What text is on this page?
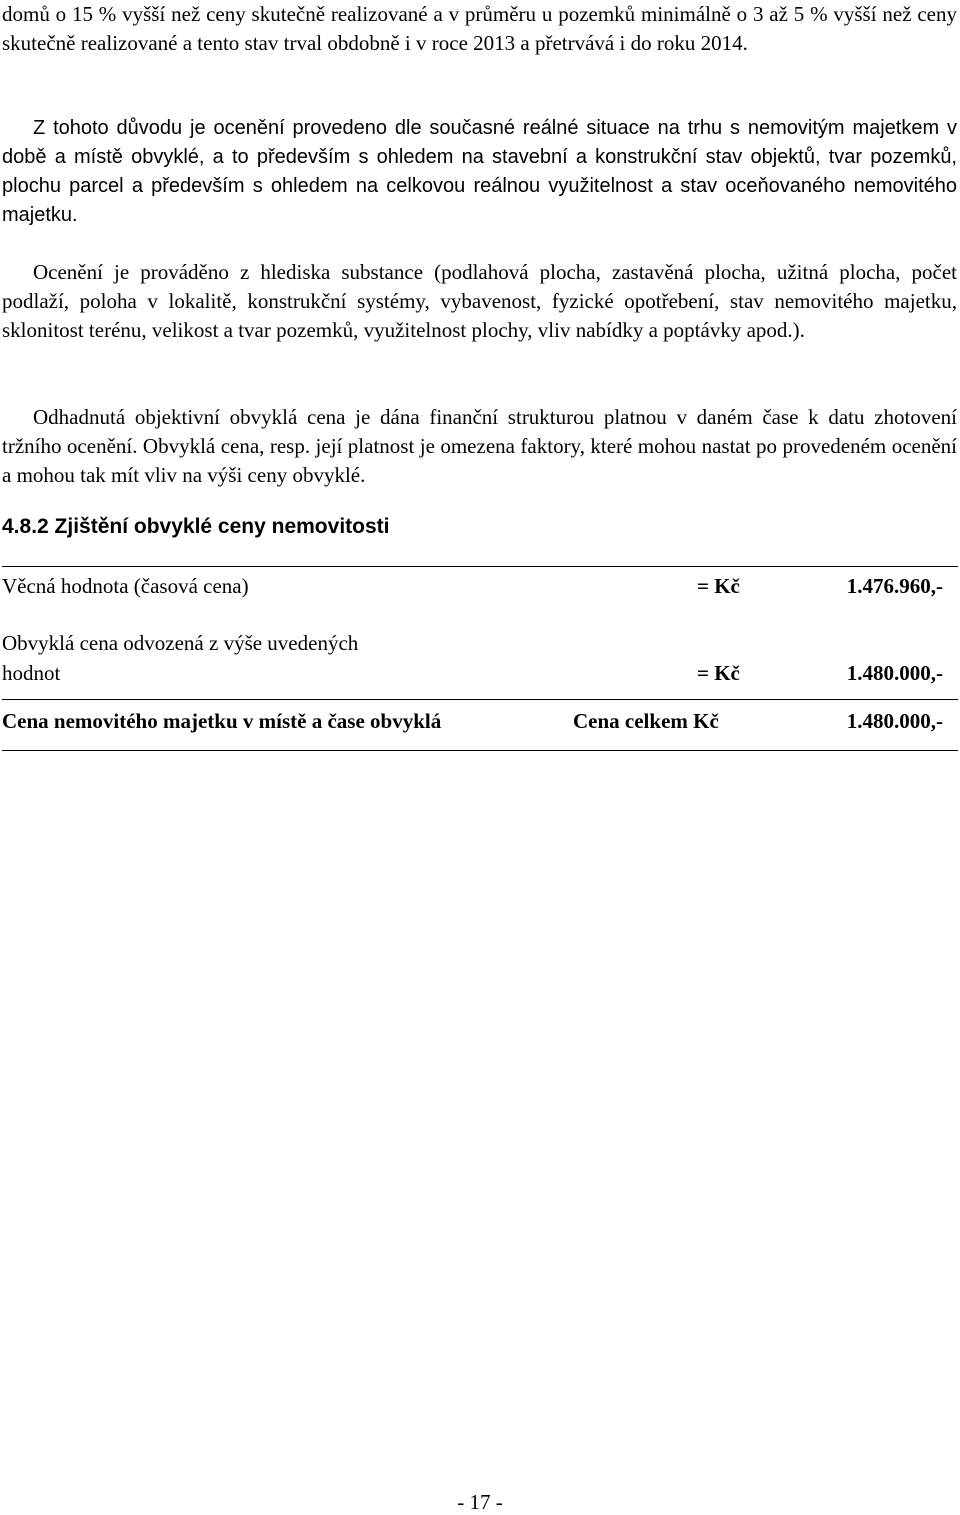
domů o 15 % vyšší než ceny skutečně realizované a v průměru u pozemků minimálně o 3 až 5 % vyšší než ceny skutečně realizované a tento stav trval obdobně i v roce 2013 a přetrvává i do roku 2014.

Z tohoto důvodu je ocenění provedeno dle současné reálné situace na trhu s nemovitým majetkem v době a místě obvyklé, a to především s ohledem na stavební a konstrukční stav objektů, tvar pozemků, plochu parcel a především s ohledem na celkovou reálnou využitelnost a stav oceňovaného nemovitého majetku.

Ocenění je prováděno z hlediska substance (podlahová plocha, zastavěná plocha, užitná plocha, počet podlaží, poloha v lokalitě, konstrukční systémy, vybavenost, fyzické opotřebení, stav nemovitého majetku, sklonitost terénu, velikost a tvar pozemků, využitelnost plochy, vliv nabídky a poptávky apod.).

Odhadnutá objektivní obvyklá cena je dána finanční strukturou platnou v daném čase k datu zhotovení tržního ocenění. Obvyklá cena, resp. její platnost je omezena faktory, které mohou nastat po provedeném ocenění a mohou tak mít vliv na výši ceny obvyklé.

4.8.2 Zjištění obvyklé ceny nemovitosti
Věcná hodnota (časová cena)	= Kč	1.476.960,-
Obvyklá cena odvozená z výše uvedených
hodnot	= Kč	1.480.000,-
Cena nemovitého majetku v místě a čase obvyklá	Cena celkem Kč	1.480.000,-
- 17 -
